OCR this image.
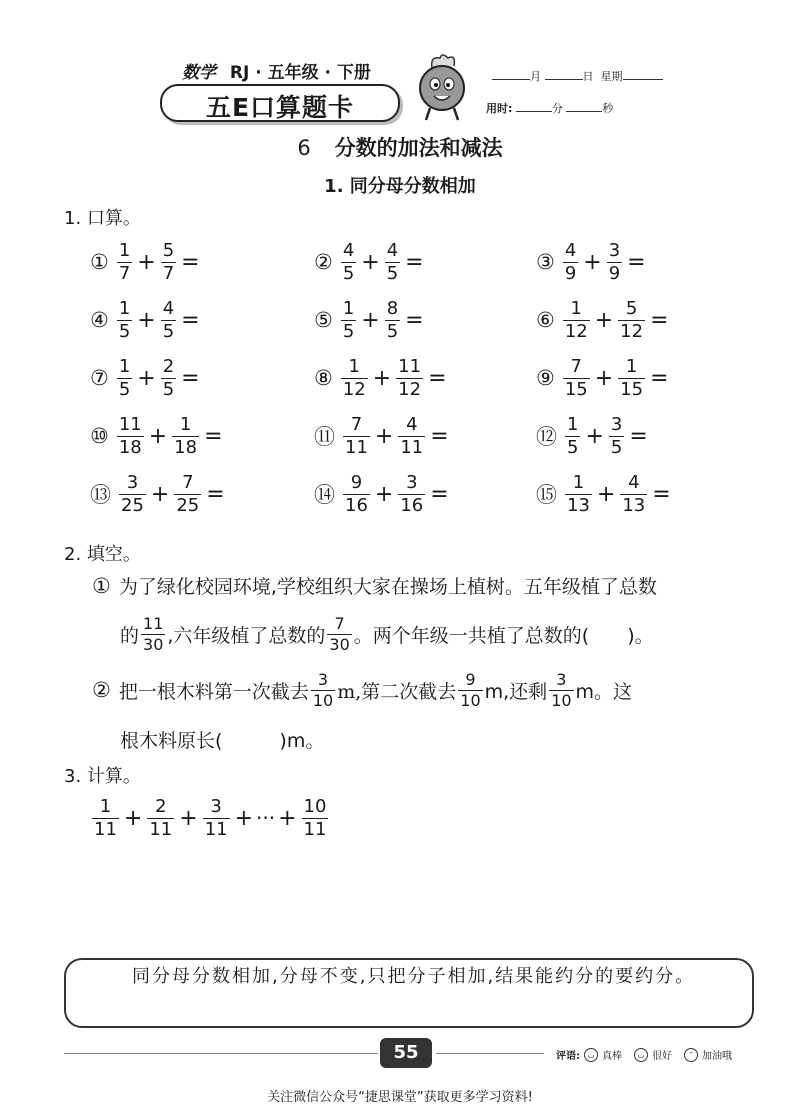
数学 RJ · 五年级 · 下册
五E口算题卡
月	日 星期
用时:	分	秒
6 分数的加法和减法
1. 同分母分数相加
1. 口算。
① $\frac{1}{7} + \frac{5}{7}$ =	② $\frac{4}{5} + \frac{4}{5}$ =	③ $\frac{4}{9} + \frac{3}{9}$ =
④ $\frac{1}{5} + \frac{4}{5}$ =	⑤ $\frac{1}{5} + \frac{8}{5}$ =	⑥ $\frac{1}{12} + \frac{5}{12}$ =
⑦ $\frac{1}{5} + \frac{2}{5}$ =	⑧ $\frac{1}{12} + \frac{11}{12}$ =	⑨ $\frac{7}{15} + \frac{1}{15}$ =
⑩ $\frac{11}{18} + \frac{1}{18}$ =	⑪ $\frac{7}{11} + \frac{4}{11}$ =	⑫ $\frac{1}{5} + \frac{3}{5}$ =
⑬ $\frac{3}{25} + \frac{7}{25}$ =	⑭ $\frac{9}{16} + \frac{3}{16}$ =	⑮ $\frac{1}{13} + \frac{4}{13}$ =
2. 填空。
① 为了绿化校园环境,学校组织大家在操场上植树。五年级植了总数
的 $\frac{11}{30}$ ,六年级植了总数的 $\frac{7}{30}$ 。两个年级一共植了总数的(　　)。
② 把一根木料第一次截去 $\frac{3}{10} m$,第二次截去 $\frac{9}{10} m$,还剩 $\frac{3}{10}$ m。这
根木料原长(　　　)m。
3. 计算。
$\frac{1}{11} + \frac{2}{11} + \frac{3}{11}$ + ··· + $\frac{10}{11}$
同分母分数相加,分母不变,只把分子相加,结果能约分的要约分。
55	评语: ◡ 真棒	◡ 很好	ᵔ 加油哦
关注微信公众号“捷思课堂”获取更多学习资料!
